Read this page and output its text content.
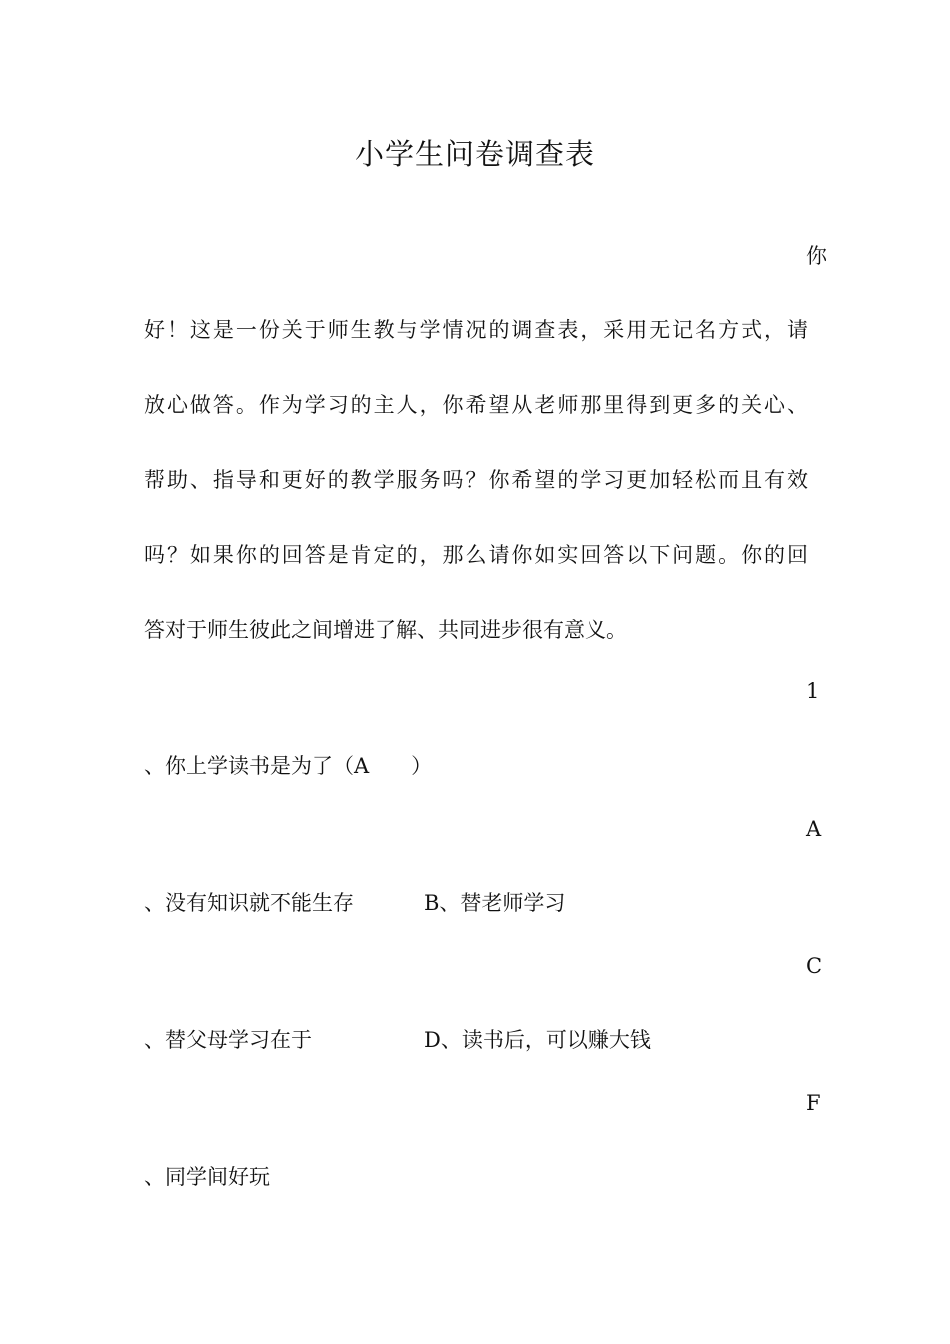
小学生问卷调查表
你
好！这是一份关于师生教与学情况的调查表，采用无记名方式，请
放心做答。作为学习的主人，你希望从老师那里得到更多的关心、
帮助、指导和更好的教学服务吗？你希望的学习更加轻松而且有效
吗？如果你的回答是肯定的，那么请你如实回答以下问题。你的回
答对于师生彼此之间增进了解、共同进步很有意义。
1
、你上学读书是为了（A　　）
A
、没有知识就不能生存	B、替老师学习
C
、替父母学习在于	D、读书后，可以赚大钱
F
、同学间好玩
